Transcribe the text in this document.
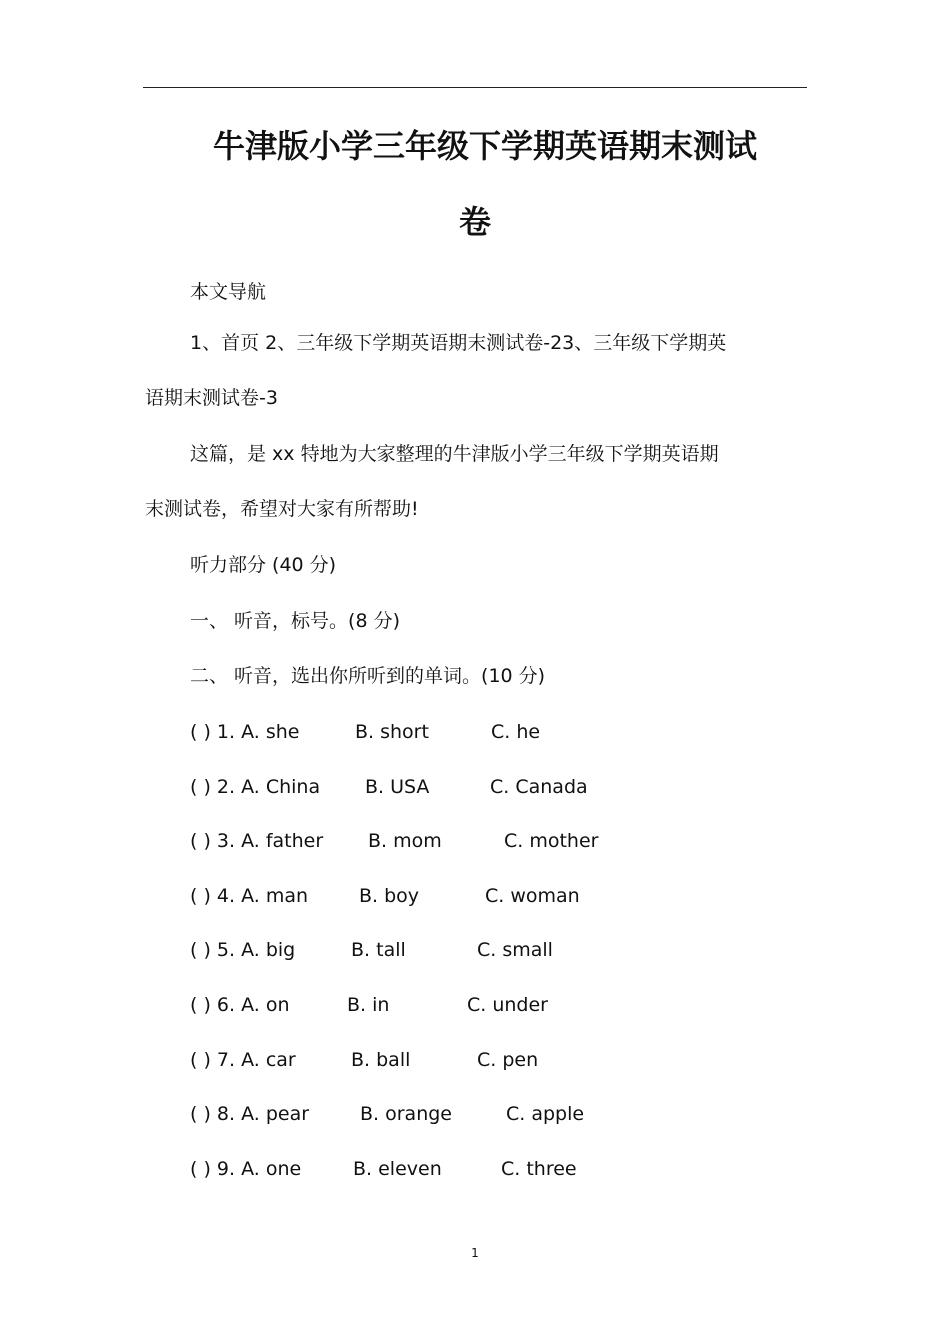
牛津版小学三年级下学期英语期末测试
卷
本文导航
1、首页 2、三年级下学期英语期末测试卷-23、三年级下学期英
语期末测试卷-3
这篇，是 xx 特地为大家整理的牛津版小学三年级下学期英语期
末测试卷，希望对大家有所帮助!
听力部分 (40 分)
一、 听音，标号。(8 分)
二、 听音，选出你所听到的单词。(10 分)
( ) 1. A. she	B. short	C. he
( ) 2. A. China B. USA	C. Canada
( ) 3. A. father B. mom	C. mother
( ) 4. A. man	B. boy	C. woman
( ) 5. A. big	B. tall	C. small
( ) 6. A. on	B. in	C. under
( ) 7. A. car	B. ball	C. pen
( ) 8. A. pear	B. orange	C. apple
( ) 9. A. one	B. eleven	C. three
1
